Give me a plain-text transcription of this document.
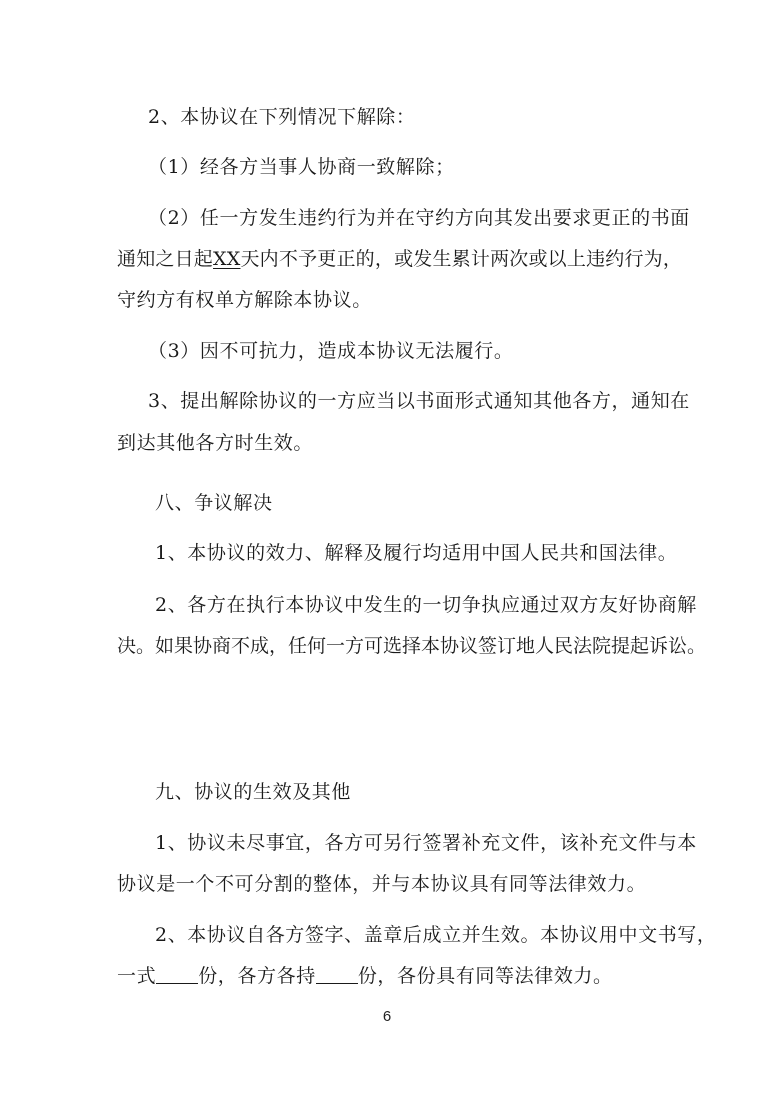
2、本协议在下列情况下解除：
（1）经各方当事人协商一致解除；
（2）任一方发生违约行为并在守约方向其发出要求更正的书面
通知之日起XX天内不予更正的，或发生累计两次或以上违约行为，
守约方有权单方解除本协议。
（3）因不可抗力，造成本协议无法履行。
3、提出解除协议的一方应当以书面形式通知其他各方，通知在
到达其他各方时生效。
八、争议解决
1、本协议的效力、解释及履行均适用中国人民共和国法律。
2、各方在执行本协议中发生的一切争执应通过双方友好协商解
决。如果协商不成，任何一方可选择本协议签订地人民法院提起诉讼。
九、协议的生效及其他
1、协议未尽事宜，各方可另行签署补充文件，该补充文件与本
协议是一个不可分割的整体，并与本协议具有同等法律效力。
2、本协议自各方签字、盖章后成立并生效。本协议用中文书写，
一式 份，各方各持 份，各份具有同等法律效力。
6
